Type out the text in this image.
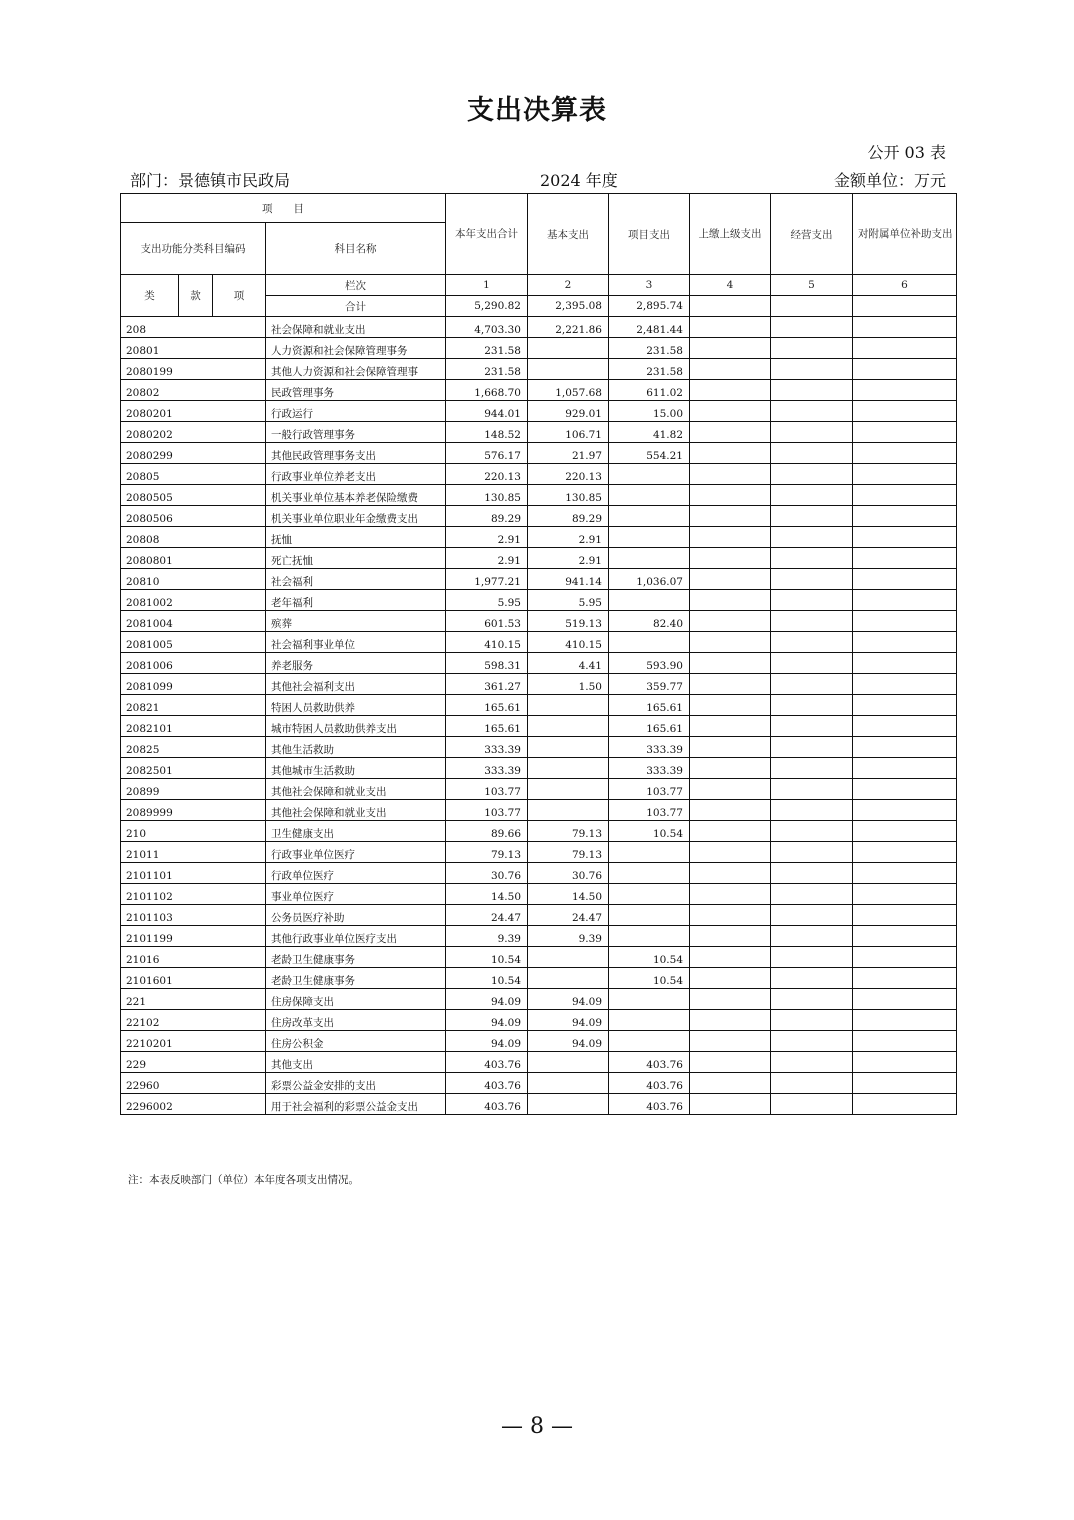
支出决算表
公开 03 表
部门：景德镇市民政局	2024 年度	金额单位：万元
项　　目				本年支出合计	基本支出	项目支出	上缴上级支出	经营支出	对附属单位补助支出
支出功能分类科目编码			科目名称						
类	款	项	栏次	1	2	3	4	5	6
			合计	5,290.82	2,395.08	2,895.74			
208			社会保障和就业支出	4,703.30	2,221.86	2,481.44			
20801			人力资源和社会保障管理事务	231.58		231.58			
2080199			其他人力资源和社会保障管理事	231.58		231.58			
20802			民政管理事务	1,668.70	1,057.68	611.02			
2080201			行政运行	944.01	929.01	15.00			
2080202			一般行政管理事务	148.52	106.71	41.82			
2080299			其他民政管理事务支出	576.17	21.97	554.21			
20805			行政事业单位养老支出	220.13	220.13				
2080505			机关事业单位基本养老保险缴费	130.85	130.85				
2080506			机关事业单位职业年金缴费支出	89.29	89.29				
20808			抚恤	2.91	2.91				
2080801			死亡抚恤	2.91	2.91				
20810			社会福利	1,977.21	941.14	1,036.07			
2081002			老年福利	5.95	5.95				
2081004			殡葬	601.53	519.13	82.40			
2081005			社会福利事业单位	410.15	410.15				
2081006			养老服务	598.31	4.41	593.90			
2081099			其他社会福利支出	361.27	1.50	359.77			
20821			特困人员救助供养	165.61		165.61			
2082101			城市特困人员救助供养支出	165.61		165.61			
20825			其他生活救助	333.39		333.39			
2082501			其他城市生活救助	333.39		333.39			
20899			其他社会保障和就业支出	103.77		103.77			
2089999			其他社会保障和就业支出	103.77		103.77			
210			卫生健康支出	89.66	79.13	10.54			
21011			行政事业单位医疗	79.13	79.13				
2101101			行政单位医疗	30.76	30.76				
2101102			事业单位医疗	14.50	14.50				
2101103			公务员医疗补助	24.47	24.47				
2101199			其他行政事业单位医疗支出	9.39	9.39				
21016			老龄卫生健康事务	10.54		10.54			
2101601			老龄卫生健康事务	10.54		10.54			
221			住房保障支出	94.09	94.09				
22102			住房改革支出	94.09	94.09				
2210201			住房公积金	94.09	94.09				
229			其他支出	403.76		403.76			
22960			彩票公益金安排的支出	403.76		403.76			
2296002			用于社会福利的彩票公益金支出	403.76		403.76			
注：本表反映部门（单位）本年度各项支出情况。
— 8 —
